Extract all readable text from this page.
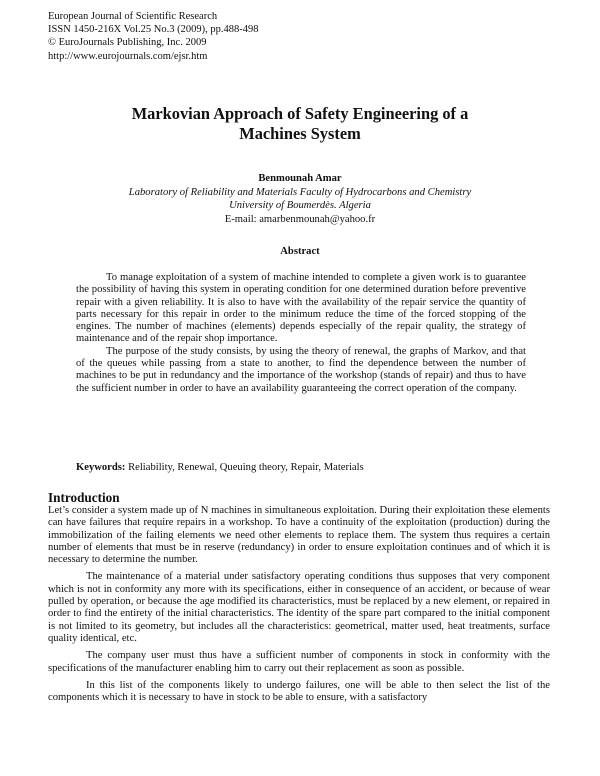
European Journal of Scientific Research
ISSN 1450-216X Vol.25 No.3 (2009), pp.488-498
© EuroJournals Publishing, Inc. 2009
http://www.eurojournals.com/ejsr.htm
Markovian Approach of Safety Engineering of a
Machines System
Benmounah Amar
Laboratory of Reliability and Materials Faculty of Hydrocarbons and Chemistry
University of Boumerdès. Algeria
E-mail: amarbenmounah@yahoo.fr
Abstract

To manage exploitation of a system of machine intended to complete a given work is to guarantee the possibility of having this system in operating condition for one determined duration before preventive repair with a given reliability. It is also to have with the availability of the repair service the quantity of parts necessary for this repair in order to the minimum reduce the time of the forced stopping of the engines. The number of machines (elements) depends especially of the repair quality, the strategy of maintenance and of the repair shop importance.

The purpose of the study consists, by using the theory of renewal, the graphs of Markov, and that of the queues while passing from a state to another, to find the dependence between the number of machines to be put in redundancy and the importance of the workshop (stands of repair) and thus to have the sufficient number in order to have an availability guaranteeing the correct operation of the company.

Keywords: Reliability, Renewal, Queuing theory, Repair, Materials
Introduction

Let’s consider a system made up of N machines in simultaneous exploitation. During their exploitation these elements can have failures that require repairs in a workshop. To have a continuity of the exploitation (production) during the immobilization of the failing elements we need other elements to replace them. The system thus requires a certain number of elements that must be in reserve (redundancy) in order to ensure exploitation continues and of which it is necessary to determine the number.

The maintenance of a material under satisfactory operating conditions thus supposes that very component which is not in conformity any more with its specifications, either in consequence of an accident, or because of wear pulled by operation, or because the age modified its characteristics, must be replaced by a new element, or repaired in order to find the entirety of the initial characteristics. The identity of the spare part compared to the initial component is not limited to its geometry, but includes all the characteristics: geometrical, matter used, heat treatments, surface quality identical, etc.

The company user must thus have a sufficient number of components in stock in conformity with the specifications of the manufacturer enabling him to carry out their replacement as soon as possible.

In this list of the components likely to undergo failures, one will be able to then select the list of the components which it is necessary to have in stock to be able to ensure, with a satisfactory
